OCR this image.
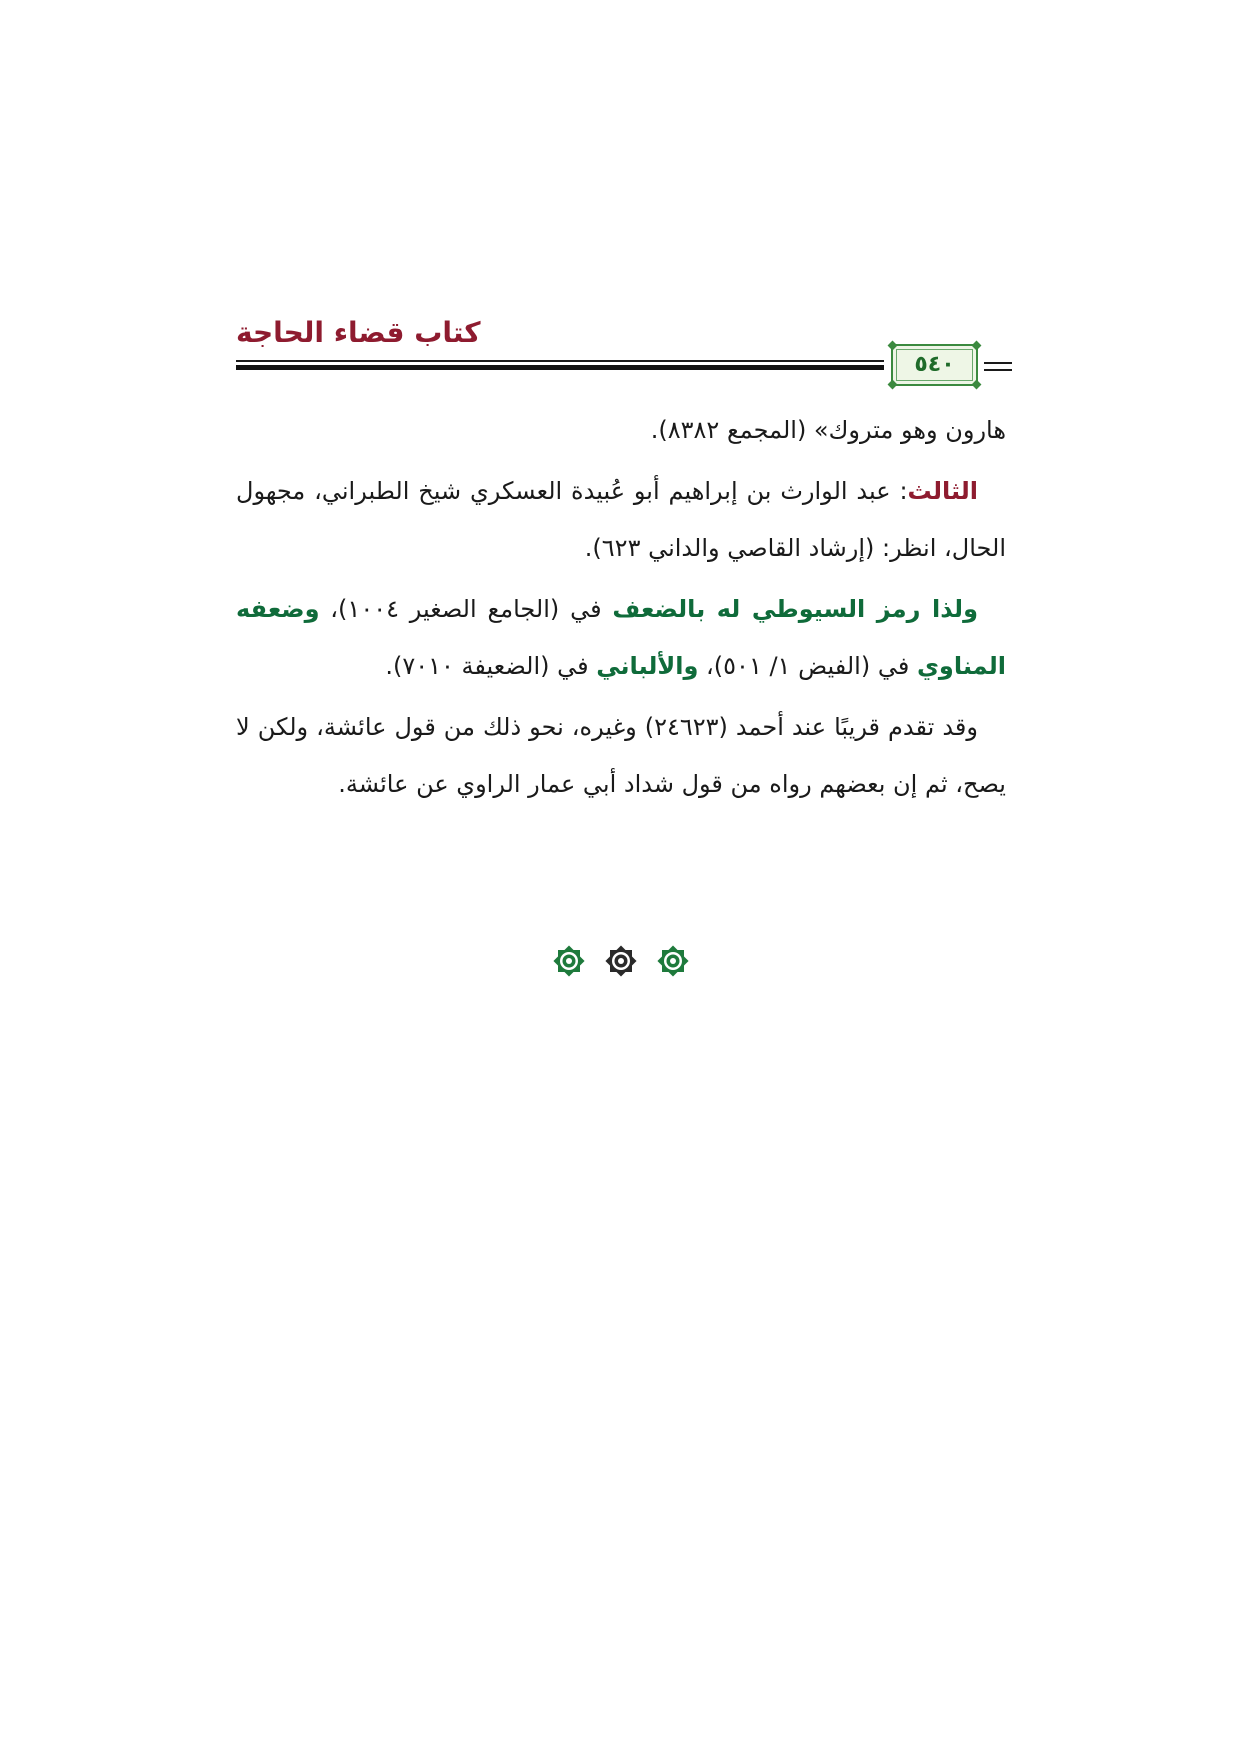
كتاب قضاء الحاجة
٥٤٠

هارون وهو متروك» (المجمع ٨٣٨٢).

الثالث: عبد الوارث بن إبراهيم أبو عُبيدة العسكري شيخ الطبراني، مجهول الحال، انظر: (إرشاد القاصي والداني ٦٢٣).

ولذا رمز السيوطي له بالضعف في (الجامع الصغير ١٠٠٤)، وضعفه المناوي في (الفيض ١/ ٥٠١)، والألباني في (الضعيفة ٧٠١٠).

وقد تقدم قريبًا عند أحمد (٢٤٦٢٣) وغيره، نحو ذلك من قول عائشة، ولكن لا يصح، ثم إن بعضهم رواه من قول شداد أبي عمار الراوي عن عائشة.
